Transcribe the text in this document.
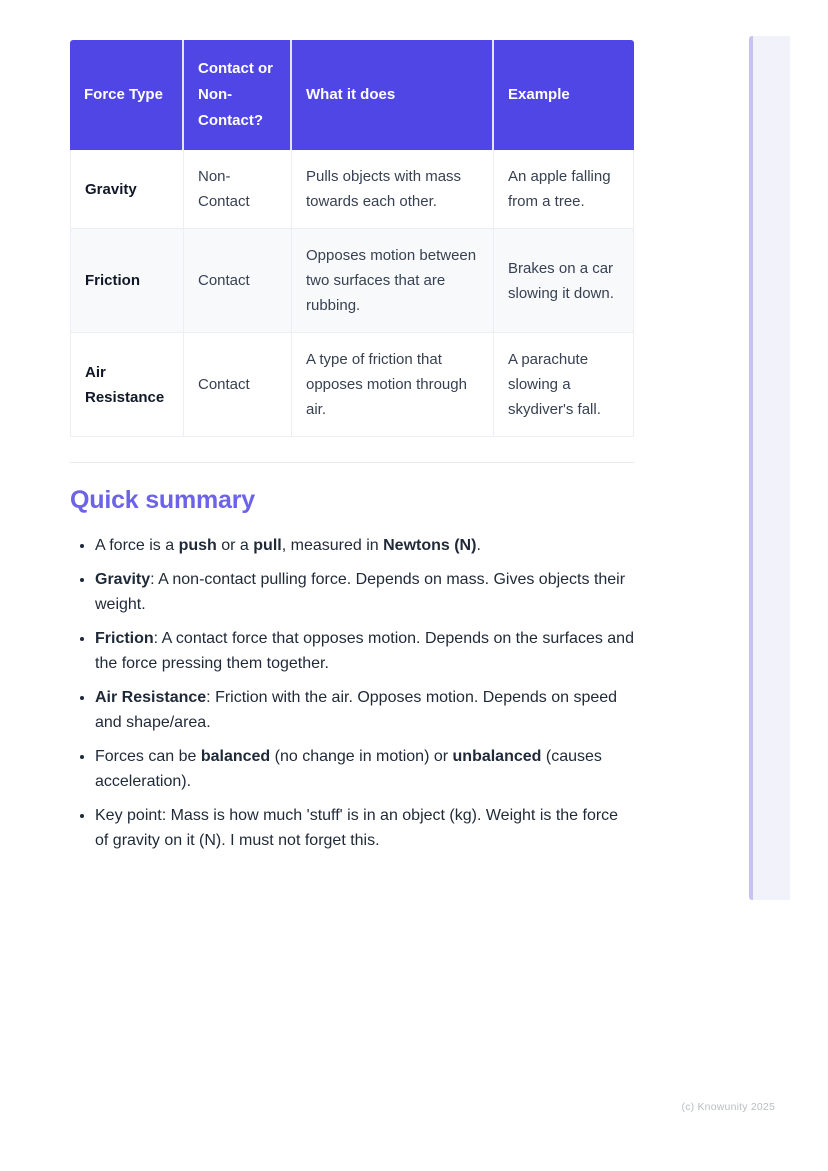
Force Type	Contact or Non-Contact?	What it does	Example
Gravity	Non-Contact	Pulls objects with mass towards each other.	An apple falling from a tree.
Friction	Contact	Opposes motion between two surfaces that are rubbing.	Brakes on a car slowing it down.
Air Resistance	Contact	A type of friction that opposes motion through air.	A parachute slowing a skydiver's fall.
Quick summary
• A force is a push or a pull, measured in Newtons (N).
• Gravity: A non-contact pulling force. Depends on mass. Gives objects their weight.
• Friction: A contact force that opposes motion. Depends on the surfaces and the force pressing them together.
• Air Resistance: Friction with the air. Opposes motion. Depends on speed and shape/area.
• Forces can be balanced (no change in motion) or unbalanced (causes acceleration).
• Key point: Mass is how much 'stuff' is in an object (kg). Weight is the force of gravity on it (N). I must not forget this.
(c) Knowunity 2025
